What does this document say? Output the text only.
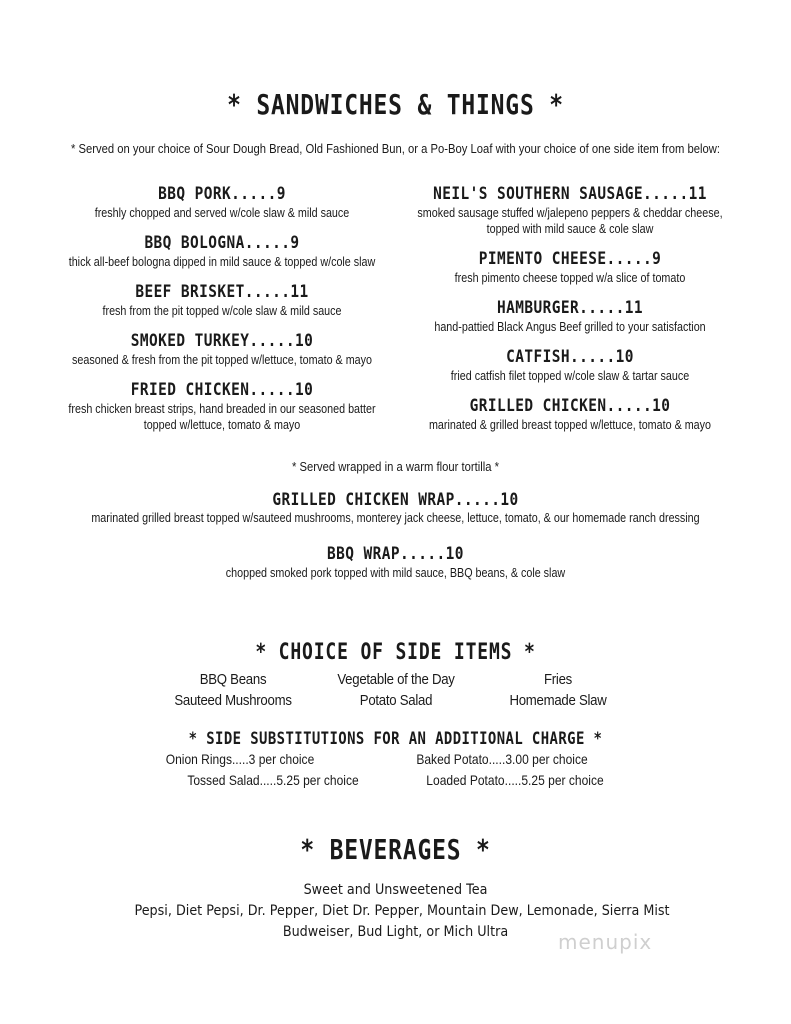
* SANDWICHES & THINGS *
* Served on your choice of Sour Dough Bread, Old Fashioned Bun, or a Po-Boy Loaf with your choice of one side item from below:
BBQ PORK.....9
freshly chopped and served w/cole slaw & mild sauce
BBQ BOLOGNA.....9
thick all-beef bologna dipped in mild sauce & topped w/cole slaw
BEEF BRISKET.....11
fresh from the pit topped w/cole slaw & mild sauce
SMOKED TURKEY.....10
seasoned & fresh from the pit topped w/lettuce, tomato & mayo
FRIED CHICKEN.....10
fresh chicken breast strips, hand breaded in our seasoned batter
topped w/lettuce, tomato & mayo
NEIL'S SOUTHERN SAUSAGE.....11
smoked sausage stuffed w/jalepeno peppers & cheddar cheese,
topped with mild sauce & cole slaw
PIMENTO CHEESE.....9
fresh pimento cheese topped w/a slice of tomato
HAMBURGER.....11
hand-pattied Black Angus Beef grilled to your satisfaction
CATFISH.....10
fried catfish filet topped w/cole slaw & tartar sauce
GRILLED CHICKEN.....10
marinated & grilled breast topped w/lettuce, tomato & mayo
* Served wrapped in a warm flour tortilla *
GRILLED CHICKEN WRAP.....10
marinated grilled breast topped w/sauteed mushrooms, monterey jack cheese, lettuce, tomato, & our homemade ranch dressing
BBQ WRAP.....10
chopped smoked pork topped with mild sauce, BBQ beans, & cole slaw
* CHOICE OF SIDE ITEMS *
BBQ Beans	Vegetable of the Day	Fries
Sauteed Mushrooms	Potato Salad	Homemade Slaw
* SIDE SUBSTITUTIONS FOR AN ADDITIONAL CHARGE *
Onion Rings.....3 per choice	Baked Potato.....3.00 per choice
Tossed Salad.....5.25 per choice	Loaded Potato.....5.25 per choice
* BEVERAGES *
Sweet and Unsweetened Tea
Pepsi, Diet Pepsi, Dr. Pepper, Diet Dr. Pepper, Mountain Dew, Lemonade, Sierra Mist
Budweiser, Bud Light, or Mich Ultra	menupix
